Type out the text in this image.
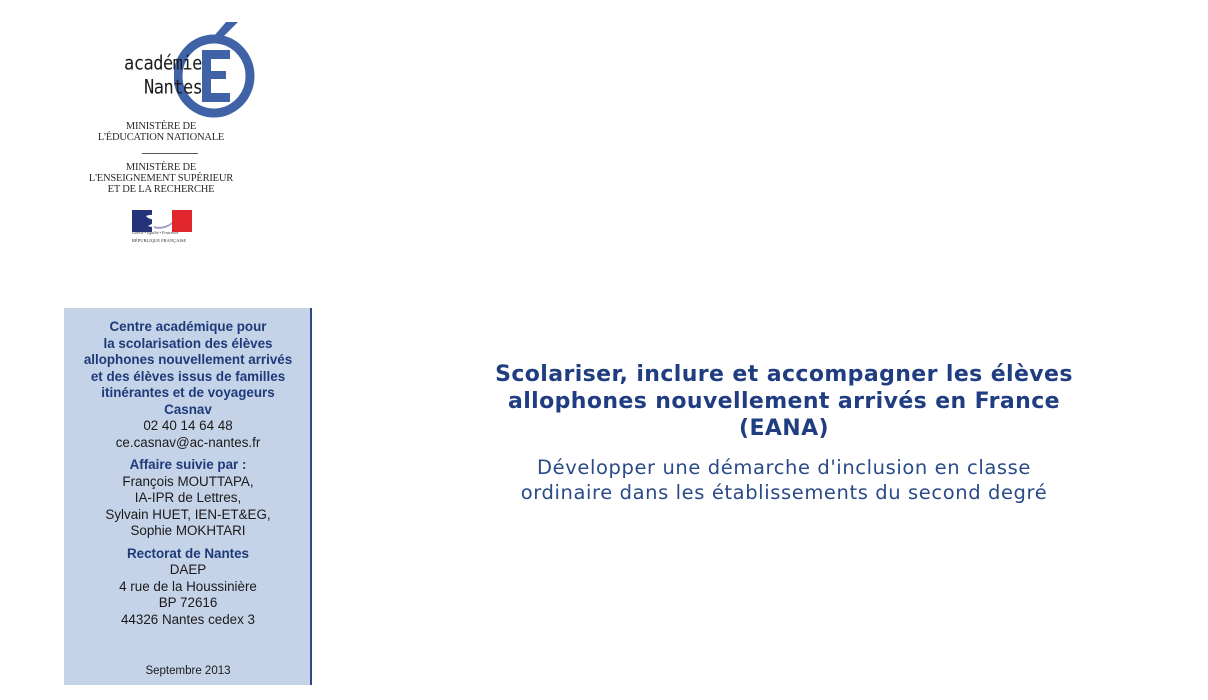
académie
Nantes
MINISTÈRE DE
L'ÉDUCATION NATIONALE
MINISTÈRE DE
L'ENSEIGNEMENT SUPÉRIEUR
ET DE LA RECHERCHE
Liberté • Égalité • Fraternité
RÉPUBLIQUE FRANÇAISE
Centre académique pour
la scolarisation des élèves
allophones nouvellement arrivés
et des élèves issus de familles
itinérantes et de voyageurs
Casnav
02 40 14 64 48
ce.casnav@ac-nantes.fr
Affaire suivie par :
François MOUTTAPA,
IA-IPR de Lettres,
Sylvain HUET, IEN-ET&EG,
Sophie MOKHTARI
Rectorat de Nantes
DAEP
4 rue de la Houssinière
BP 72616
44326 Nantes cedex 3
Septembre 2013
Scolariser, inclure et accompagner les élèves
allophones nouvellement arrivés en France
(EANA)
Développer une démarche d'inclusion en classe
ordinaire dans les établissements du second degré
